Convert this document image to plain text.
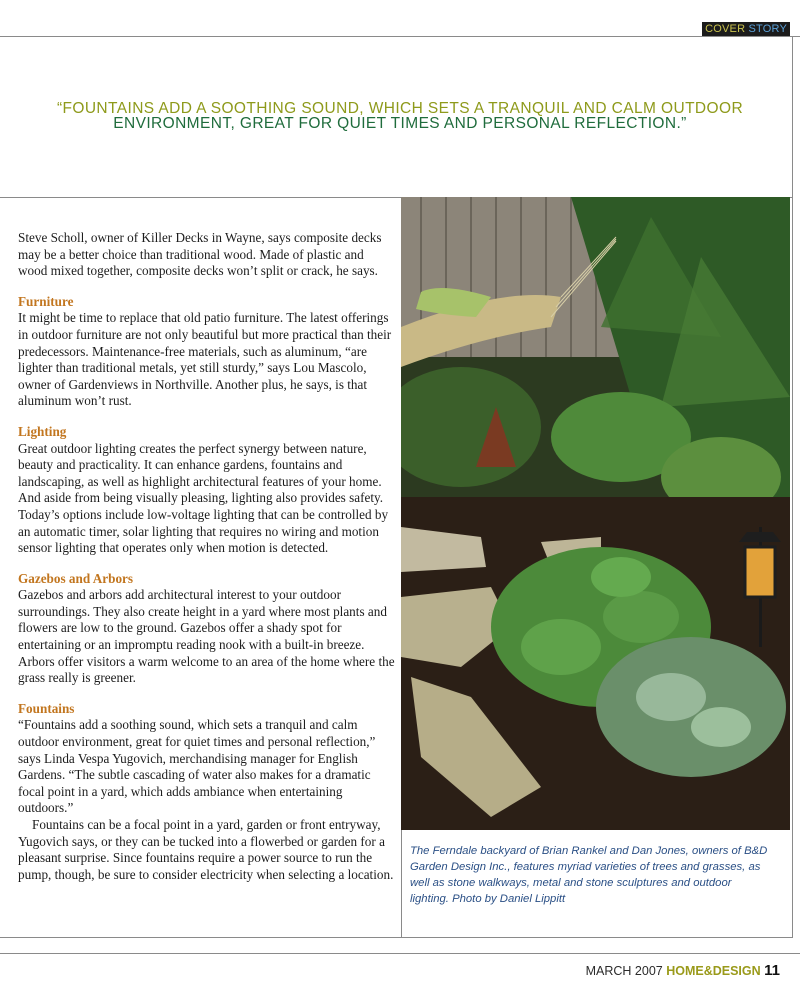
COVER STORY
“FOUNTAINS ADD A SOOTHING SOUND, WHICH SETS A TRANQUIL AND CALM OUTDOOR
ENVIRONMENT, GREAT FOR QUIET TIMES AND PERSONAL REFLECTION.”

Steve Scholl, owner of Killer Decks in Wayne, says composite decks may be a better choice than traditional wood. Made of plastic and wood mixed together, composite decks won’t split or crack, he says.

Furniture

It might be time to replace that old patio furniture. The latest offerings in outdoor furniture are not only beautiful but more practical than their predecessors. Maintenance-free materials, such as aluminum, “are lighter than traditional metals, yet still sturdy,” says Lou Mascolo, owner of Gardenviews in Northville. Another plus, he says, is that aluminum won’t rust.

Lighting

Great outdoor lighting creates the perfect synergy between nature, beauty and practicality. It can enhance gardens, fountains and landscaping, as well as highlight architectural features of your home. And aside from being visually pleasing, lighting also provides safety. Today’s options include low-voltage lighting that can be controlled by an automatic timer, solar lighting that requires no wiring and motion sensor lighting that operates only when motion is detected.

Gazebos and Arbors

Gazebos and arbors add architectural interest to your outdoor surroundings. They also create height in a yard where most plants and flowers are low to the ground. Gazebos offer a shady spot for entertaining or an impromptu reading nook with a built-in breeze. Arbors offer visitors a warm welcome to an area of the home where the grass really is greener.

Fountains

“Fountains add a soothing sound, which sets a tranquil and calm outdoor environment, great for quiet times and personal reflection,” says Linda Vespa Yugovich, merchandising manager for English Gardens. “The subtle cascading of water also makes for a dramatic focal point in a yard, which adds ambiance when entertaining outdoors.”

Fountains can be a focal point in a yard, garden or front entryway, Yugovich says, or they can be tucked into a flowerbed or garden for a pleasant surprise. Since fountains require a power source to run the pump, though, be sure to consider electricity when selecting a location.

The Ferndale backyard of Brian Rankel and Dan Jones, owners of B&D Garden Design Inc., features myriad varieties of trees and grasses, as well as stone walkways, metal and stone sculptures and outdoor lighting. Photo by Daniel Lippitt
MARCH 2007 HOME&DESIGN 11
